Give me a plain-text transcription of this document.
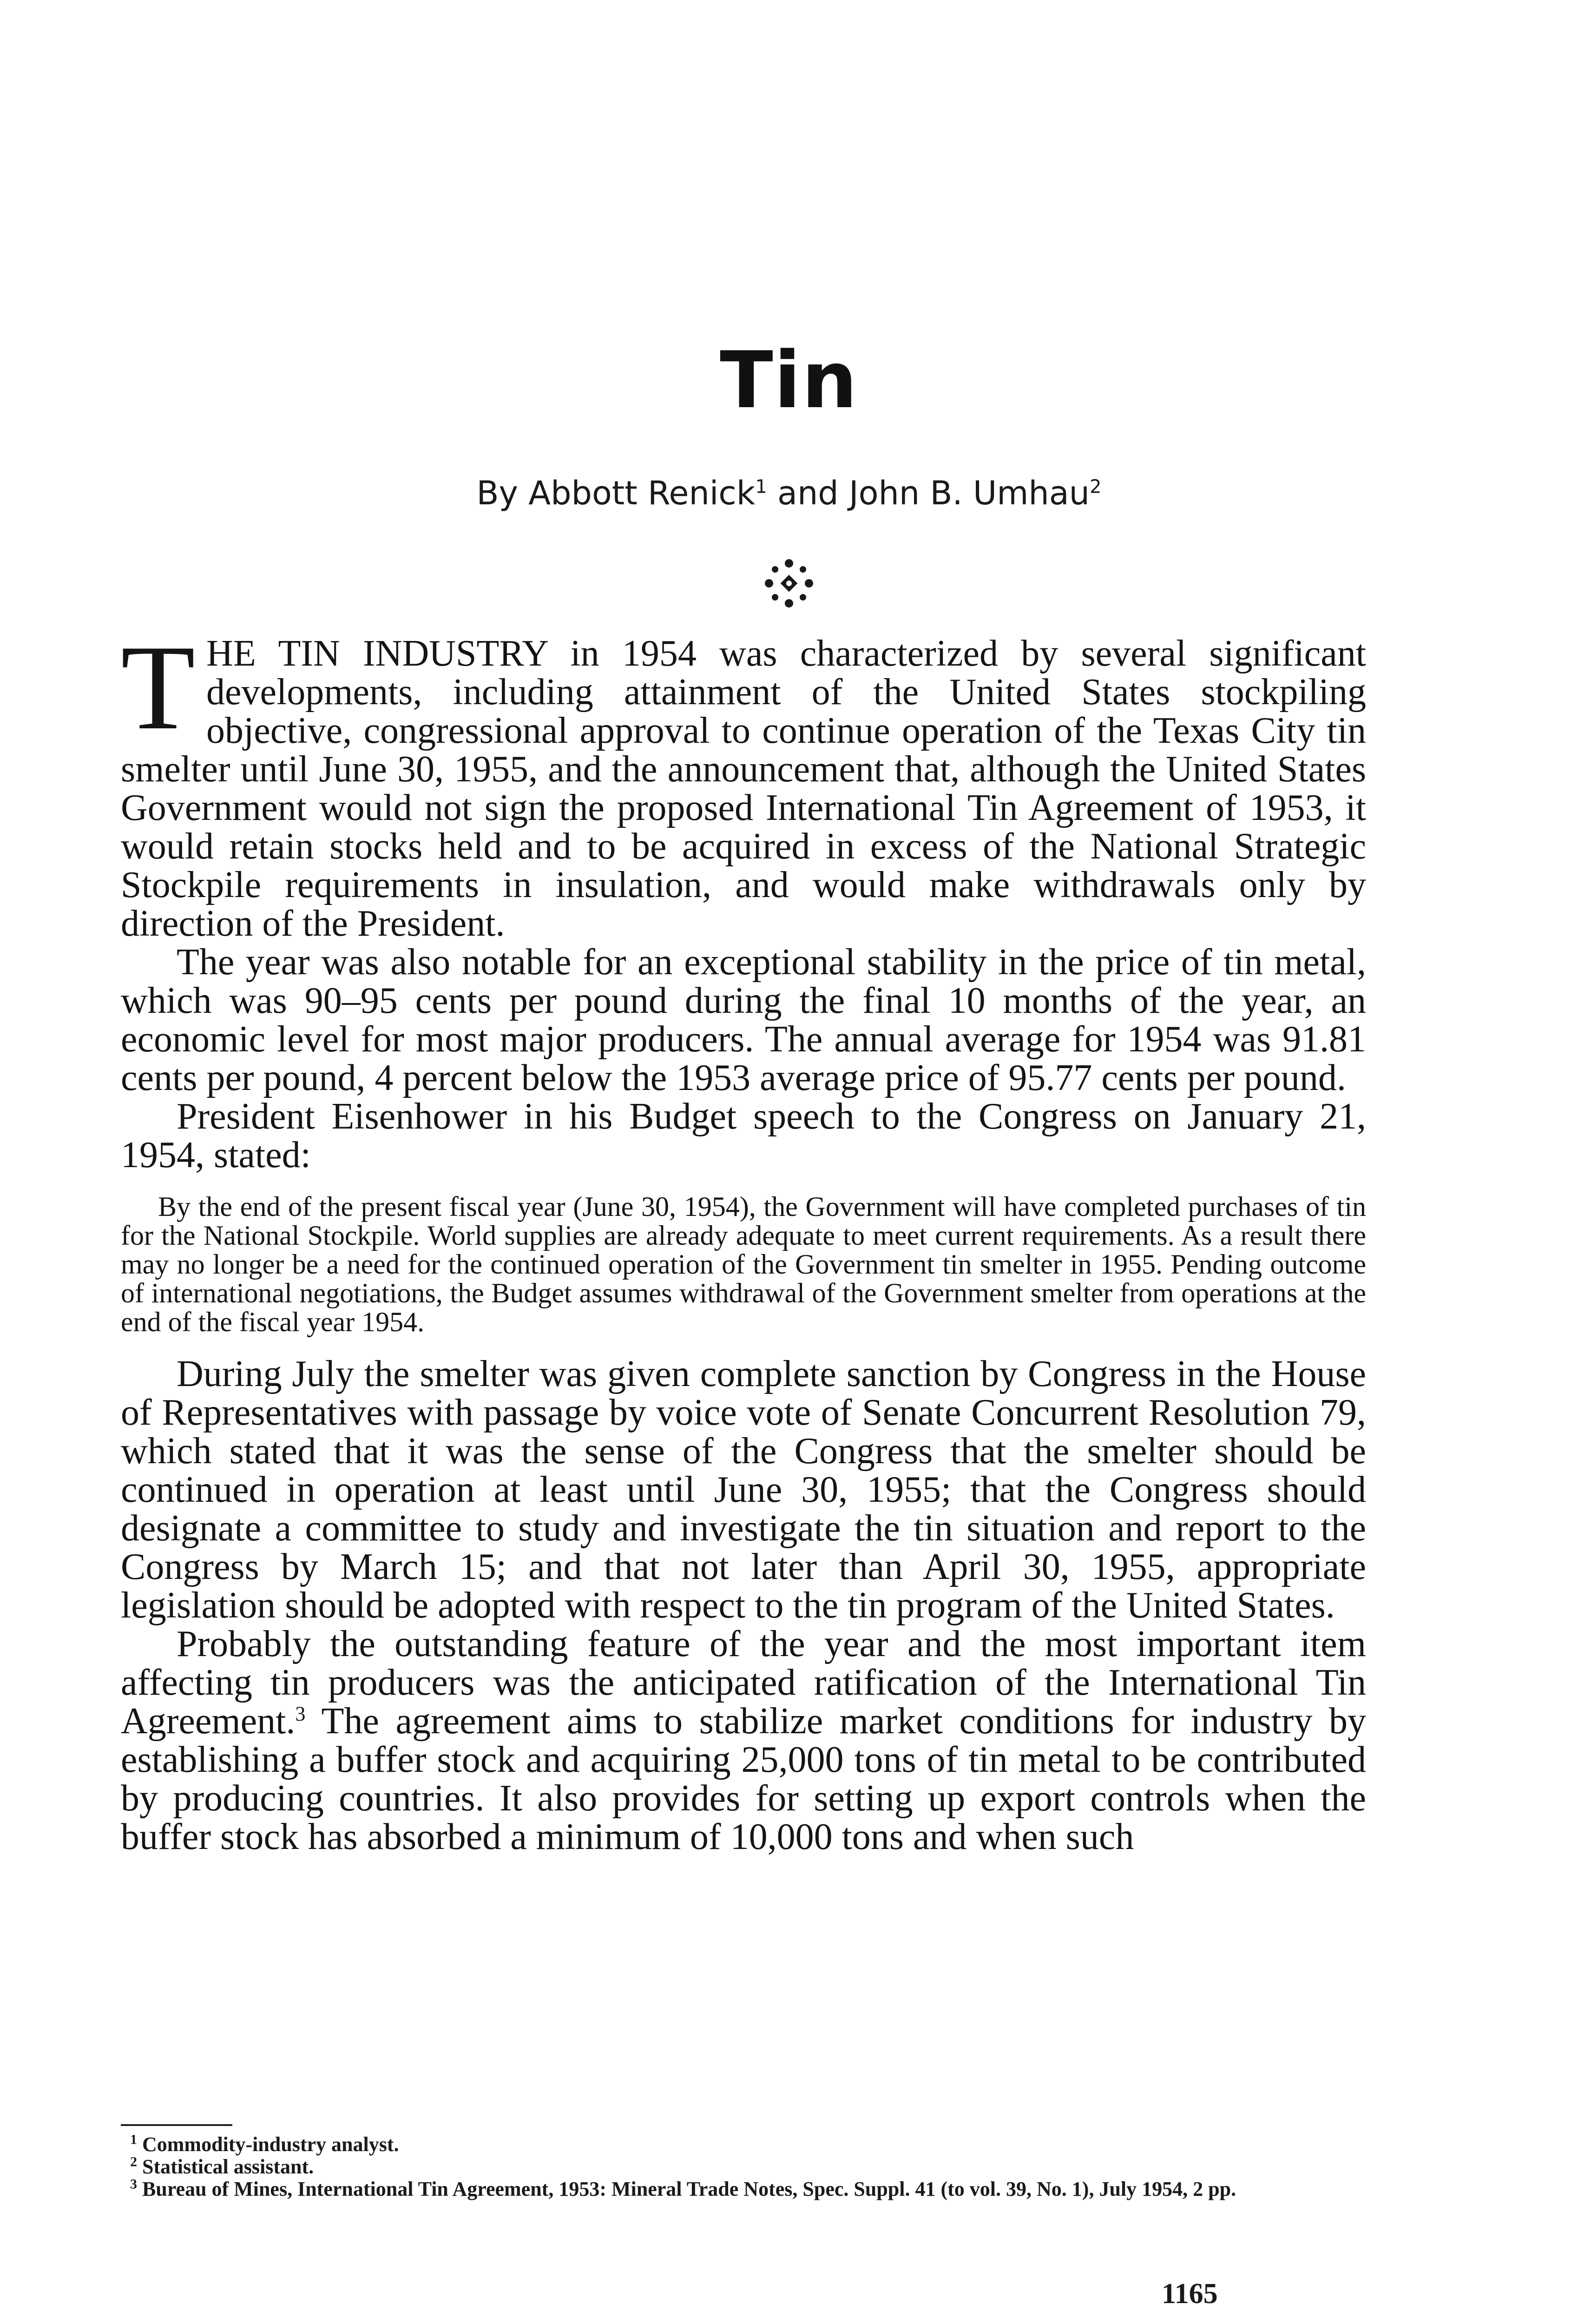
Tin
By Abbott Renick$^1$ and John B. Umhau$^2$

THE TIN INDUSTRY in 1954 was characterized by several significant developments, including attainment of the United States stockpiling objective, congressional approval to continue operation of the Texas City tin smelter until June 30, 1955, and the announcement that, although the United States Government would not sign the proposed International Tin Agreement of 1953, it would retain stocks held and to be acquired in excess of the National Strategic Stockpile requirements in insulation, and would make withdrawals only by direction of the President.

The year was also notable for an exceptional stability in the price of tin metal, which was 90–95 cents per pound during the final 10 months of the year, an economic level for most major producers. The annual average for 1954 was 91.81 cents per pound, 4 percent below the 1953 average price of 95.77 cents per pound.

President Eisenhower in his Budget speech to the Congress on January 21, 1954, stated:

By the end of the present fiscal year (June 30, 1954), the Government will have completed purchases of tin for the National Stockpile. World supplies are already adequate to meet current requirements. As a result there may no longer be a need for the continued operation of the Government tin smelter in 1955. Pending outcome of international negotiations, the Budget assumes withdrawal of the Government smelter from operations at the end of the fiscal year 1954.

During July the smelter was given complete sanction by Congress in the House of Representatives with passage by voice vote of Senate Concurrent Resolution 79, which stated that it was the sense of the Congress that the smelter should be continued in operation at least until June 30, 1955; that the Congress should designate a committee to study and investigate the tin situation and report to the Congress by March 15; and that not later than April 30, 1955, appropriate legislation should be adopted with respect to the tin program of the United States.

Probably the outstanding feature of the year and the most important item affecting tin producers was the anticipated ratification of the International Tin Agreement.$^3$ The agreement aims to stabilize market conditions for industry by establishing a buffer stock and acquiring 25,000 tons of tin metal to be contributed by producing countries. It also provides for setting up export controls when the buffer stock has absorbed a minimum of 10,000 tons and when such

$^1$ Commodity-industry analyst.

$^2$ Statistical assistant.

$^3$ Bureau of Mines, International Tin Agreement, 1953: Mineral Trade Notes, Spec. Suppl. 41 (to vol. 39, No. 1), July 1954, 2 pp.

1165
